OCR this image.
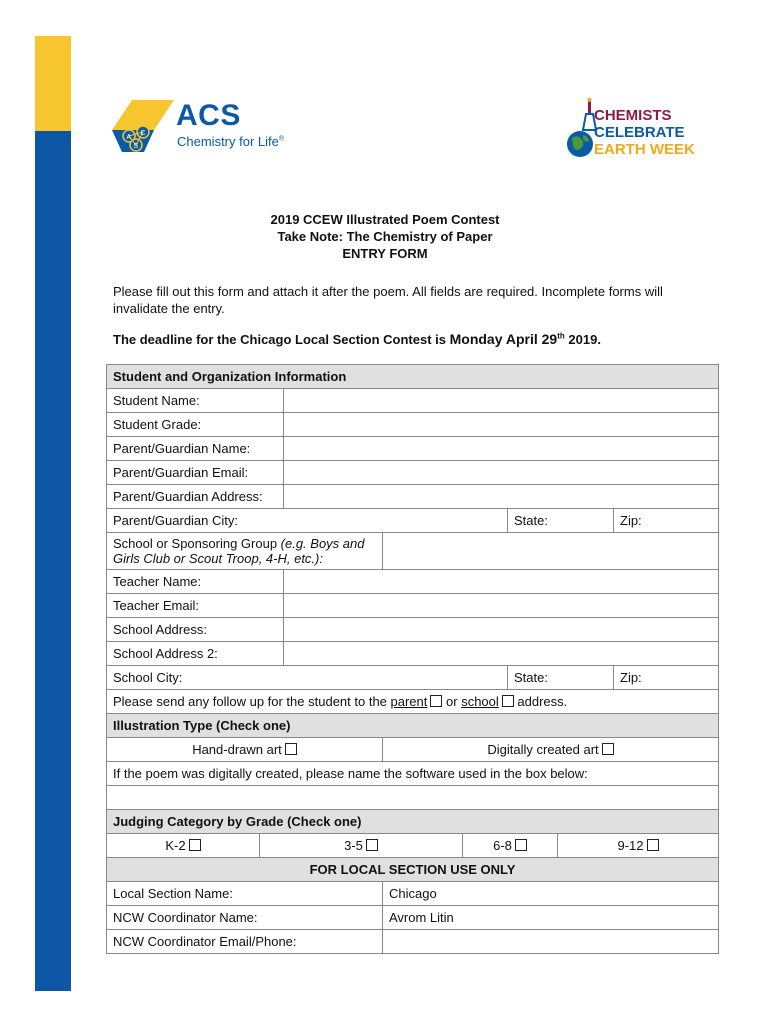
A
C
S
ACS
Chemistry for Life®
CHEMISTS
CELEBRATE
EARTH WEEK
2019 CCEW Illustrated Poem Contest
Take Note: The Chemistry of Paper
ENTRY FORM
Please fill out this form and attach it after the poem. All fields are required. Incomplete forms will invalidate the entry.
The deadline for the Chicago Local Section Contest is Monday April 29th 2019.
Student and Organization Information							
Student Name:							
Student Grade:							
Parent/Guardian Name:							
Parent/Guardian Email:							
Parent/Guardian Address:							
Parent/Guardian City:					State:		Zip:
School or Sponsoring Group (e.g. Boys and Girls Club or Scout Troop, 4-H, etc.):							
Teacher Name:							
Teacher Email:							
School Address:							
School Address 2:							
School City:					State:		Zip:
Please send any follow up for the student to the parent or school address.							
Illustration Type (Check one)							
Hand-drawn art			Digitally created art				
If the poem was digitally created, please name the software used in the box below:							

Judging Category by Grade (Check one)							
K-2	3-5			6-8		9-12	
FOR LOCAL SECTION USE ONLY							
Local Section Name:			Chicago				
NCW Coordinator Name:			Avrom Litin				
NCW Coordinator Email/Phone:							
